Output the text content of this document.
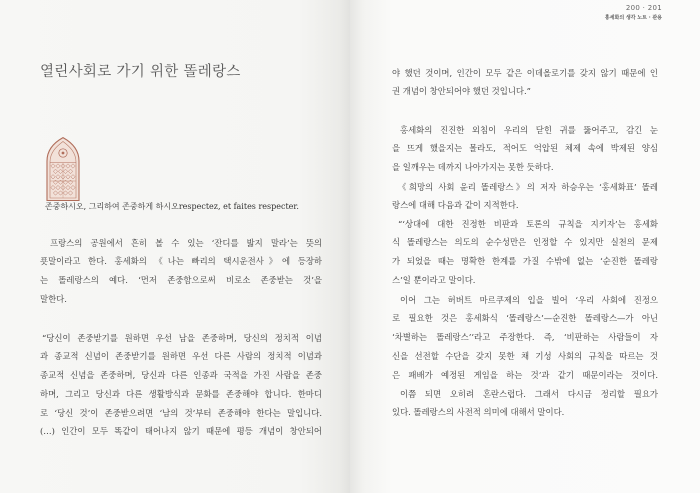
열린사회로 가기 위한 똘레랑스
존중하시오, 그리하여 존중하게 하시오respectez, et faites respecter.
프랑스의 공원에서 흔히 볼 수 있는 ‘잔디를 밟지 말라’는 뜻의
푯말이라고 한다. 홍세화의 《나는 빠리의 택시운전사》에 등장하
는 똘레랑스의 예다. ‘먼저 존중함으로써 비로소 존중받는 것’을
말한다.
“당신이 존중받기를 원하면 우선 남을 존중하며, 당신의 정치적 이념
과 종교적 신념이 존중받기를 원하면 우선 다른 사람의 정치적 이념과
종교적 신념을 존중하며, 당신과 다른 인종과 국적을 가진 사람을 존중
하며, 그리고 당신과 다른 생활방식과 문화를 존중해야 합니다. 한마디
로 ‘당신 것’이 존중받으려면 ‘남의 것’부터 존중해야 한다는 말입니다.
(…) 인간이 모두 똑같이 태어나지 않기 때문에 평등 개념이 창안되어
200 · 201
홍세화의 생각 노트 · 관용
야 했던 것이며, 인간이 모두 같은 이데올로기를 갖지 않기 때문에 인
권 개념이 창안되어야 했던 것입니다.”
홍세화의 진진한 외침이 우리의 닫힌 귀를 뚫어주고, 감긴 눈
을 뜨게 했을지는 몰라도, 적어도 억압된 체제 속에 박제된 양심
을 일깨우는 데까지 나아가지는 못한 듯하다.
《희망의 사회 윤리 똘레랑스》의 저자 하승우는 ‘홍세화표’ 똘레
랑스에 대해 다음과 같이 지적한다.
“‘상대에 대한 진정한 비판과 토론의 규칙을 지키자’는 홍세화
식 똘레랑스는 의도의 순수성만은 인정할 수 있지만 실천의 문제
가 되었을 때는 명확한 한계를 가질 수밖에 없는 ‘순진한 똘레랑
스’일 뿐이라고 말이다.
이어 그는 허버트 마르쿠제의 입을 빌어 ‘우리 사회에 진정으
로 필요한 것은 홍세화식 ‘똘레랑스’—순진한 똘레랑스—가 아닌
‘차별하는 똘레랑스’’라고 주장한다. 즉, ‘비판하는 사람들이 자
신을 선전할 수단을 갖지 못한 채 기성 사회의 규칙을 따르는 것
은 패배가 예정된 게임을 하는 것’과 같기 때문이라는 것이다.
이쯤 되면 오히려 혼란스럽다. 그래서 다시금 정리할 필요가
있다. 똘레랑스의 사전적 의미에 대해서 말이다.
